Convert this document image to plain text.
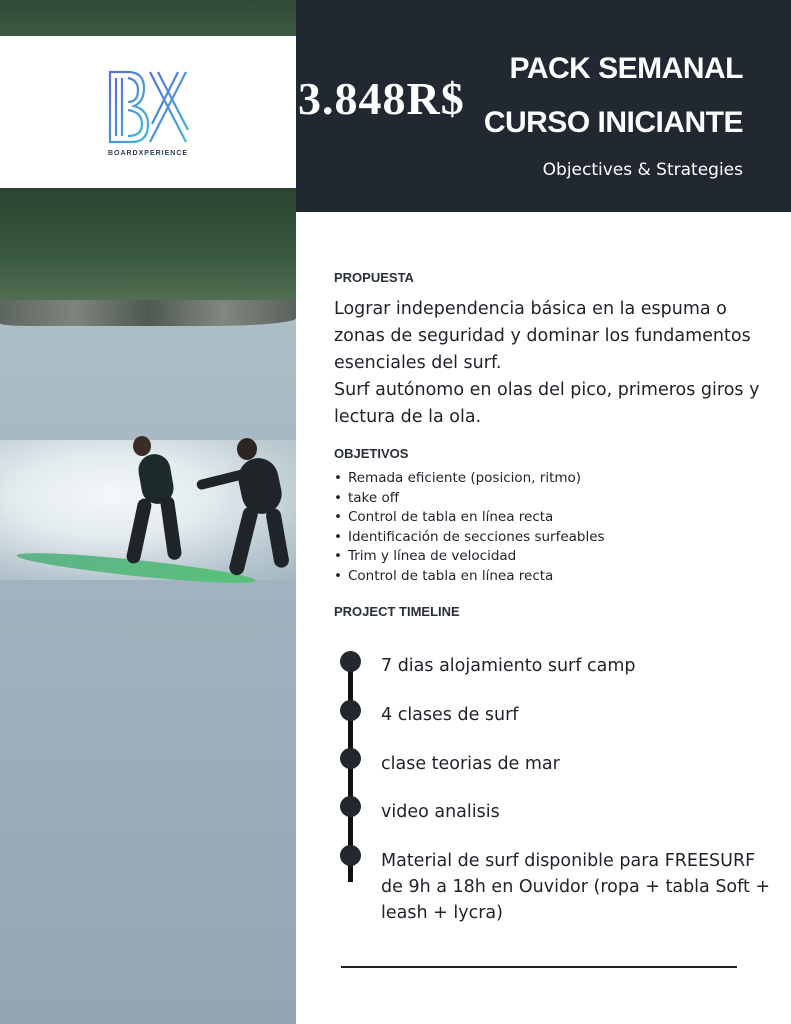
BOARDXPERIENCE
3.848R$
PACK SEMANAL
CURSO INICIANTE
Objectives & Strategies
PROPUESTA

Lograr independencia básica en la espuma o zonas de seguridad y dominar los fundamentos esenciales del surf.

Surf autónomo en olas del pico, primeros giros y lectura de la ola.

OBJETIVOS
• Remada eficiente (posicion, ritmo)
• take off
• Control de tabla en línea recta
• Identificación de secciones surfeables
• Trim y línea de velocidad
• Control de tabla en línea recta
PROJECT TIMELINE
7 dias alojamiento surf camp
4 clases de surf
clase teorias de mar
video analisis
Material de surf disponible para FREESURF de 9h a 18h en Ouvidor (ropa + tabla Soft + leash + lycra)
